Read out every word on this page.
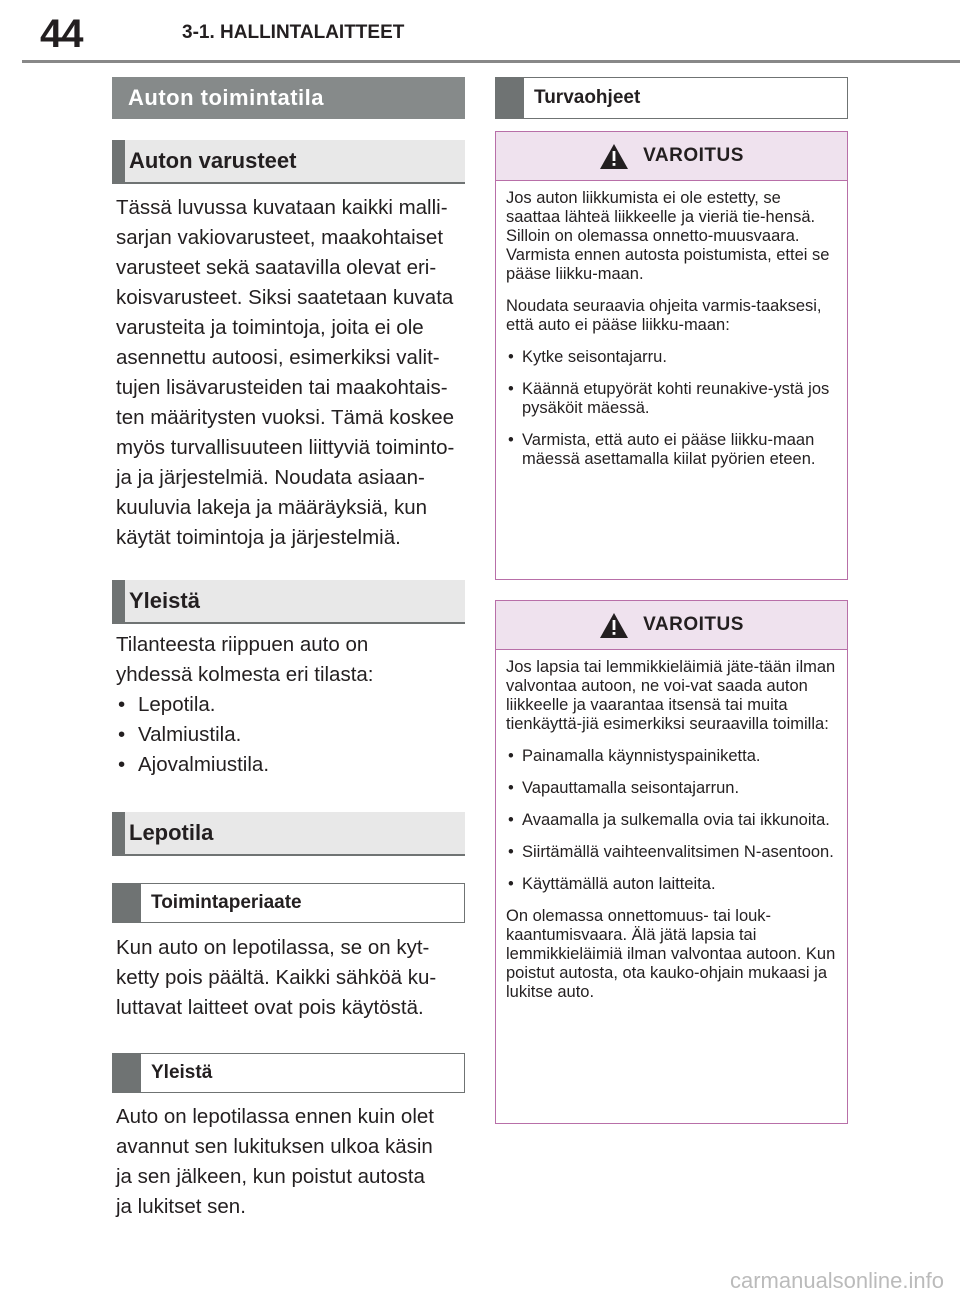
44	3-1. HALLINTALAITTEET
Auton toimintatila
Auton varusteet

Tässä luvussa kuvataan kaikki malli-

sarjan vakiovarusteet, maakohtaiset

varusteet sekä saatavilla olevat eri-

koisvarusteet. Siksi saatetaan kuvata

varusteita ja toimintoja, joita ei ole

asennettu autoosi, esimerkiksi valit-

tujen lisävarusteiden tai maakohtais-

ten määritysten vuoksi. Tämä koskee

myös turvallisuuteen liittyviä toiminto-

ja ja järjestelmiä. Noudata asiaan-

kuuluvia lakeja ja määräyksiä, kun

käytät toimintoja ja järjestelmiä.

Yleistä

Tilanteesta riippuen auto on

yhdessä kolmesta eri tilasta:

• Lepotila.
• Valmiustila.
• Ajovalmiustila.
Lepotila
Toimintaperiaate

Kun auto on lepotilassa, se on kyt-

ketty pois päältä. Kaikki sähköä ku-

luttavat laitteet ovat pois käytöstä.

Yleistä

Auto on lepotilassa ennen kuin olet

avannut sen lukituksen ulkoa käsin

ja sen jälkeen, kun poistut autosta

ja lukitset sen.

Turvaohjeet
VAROITUS

Jos auton liikkumista ei ole estetty, se saattaa lähteä liikkeelle ja vieriä tie-hensä. Silloin on olemassa onnetto-muusvaara. Varmista ennen autosta poistumista, ettei se pääse liikku-maan.

Noudata seuraavia ohjeita varmis-taaksesi, että auto ei pääse liikku-maan:

• Kytke seisontajarru.
• Käännä etupyörät kohti reunakive-ystä jos pysäköit mäessä.
• Varmista, että auto ei pääse liikku-maan mäessä asettamalla kiilat pyörien eteen.
VAROITUS

Jos lapsia tai lemmikkieläimiä jäte-tään ilman valvontaa autoon, ne voi-vat saada auton liikkeelle ja vaarantaa itsensä tai muita tienkäyttä-jiä esimerkiksi seuraavilla toimilla:

• Painamalla käynnistyspainiketta.
• Vapauttamalla seisontajarrun.
• Avaamalla ja sulkemalla ovia tai ikkunoita.
• Siirtämällä vaihteenvalitsimen N-asentoon.
• Käyttämällä auton laitteita.

On olemassa onnettomuus- tai louk-kaantumisvaara. Älä jätä lapsia tai lemmikkieläimiä ilman valvontaa autoon. Kun poistut autosta, ota kauko-ohjain mukaasi ja lukitse auto.

carmanualsonline.info
